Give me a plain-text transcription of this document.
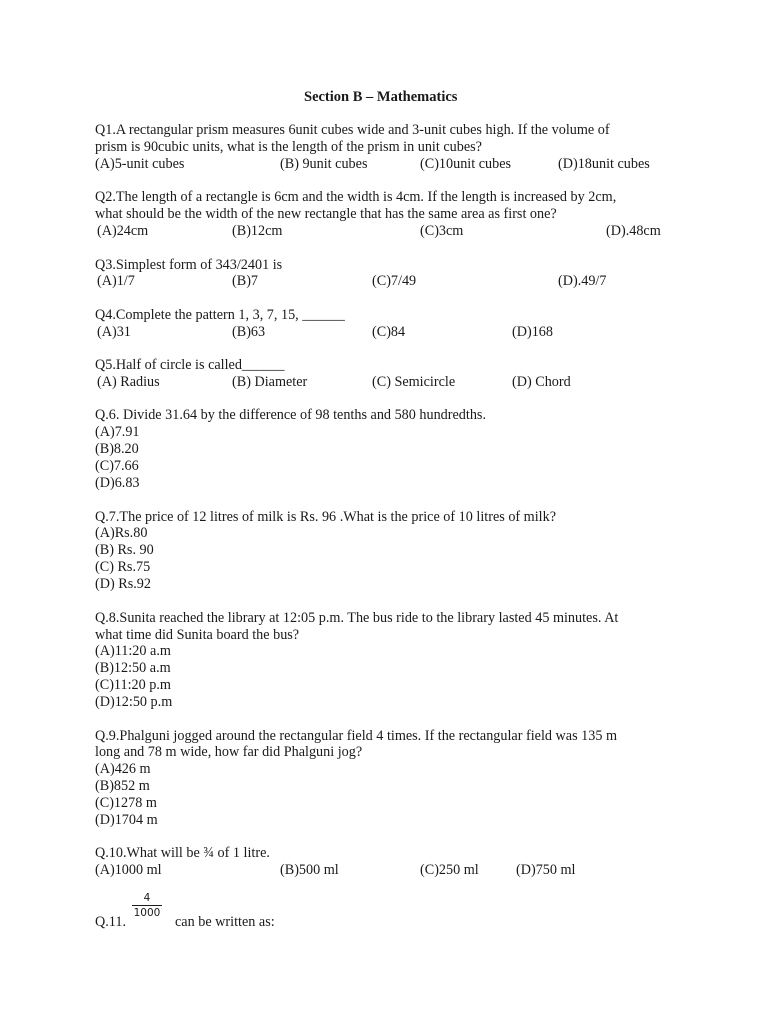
Section B – Mathematics
Q1.A rectangular prism measures 6unit cubes wide and 3-unit cubes high. If the volume of
prism is 90cubic units, what is the length of the prism in unit cubes?
(A)5-unit cubes	(B) 9unit cubes	(C)10unit cubes	(D)18unit cubes
Q2.The length of a rectangle is 6cm and the width is 4cm. If the length is increased by 2cm,
what should be the width of the new rectangle that has the same area as first one?
(A)24cm	(B)12cm	(C)3cm	(D).48cm
Q3.Simplest form of 343/2401 is
(A)1/7	(B)7	(C)7/49	(D).49/7
Q4.Complete the pattern 1, 3, 7, 15, ______
(A)31	(B)63	(C)84	(D)168
Q5.Half of circle is called______
(A) Radius	(B) Diameter	(C) Semicircle	(D) Chord
Q.6. Divide 31.64 by the difference of 98 tenths and 580 hundredths.
(A)7.91
(B)8.20
(C)7.66
(D)6.83
Q.7.The price of 12 litres of milk is Rs. 96 .What is the price of 10 litres of milk?
(A)Rs.80
(B) Rs. 90
(C) Rs.75
(D) Rs.92
Q.8.Sunita reached the library at 12:05 p.m. The bus ride to the library lasted 45 minutes. At
what time did Sunita board the bus?
(A)11:20 a.m
(B)12:50 a.m
(C)11:20 p.m
(D)12:50 p.m
Q.9.Phalguni jogged around the rectangular field 4 times. If the rectangular field was 135 m
long and 78 m wide, how far did Phalguni jog?
(A)426 m
(B)852 m
(C)1278 m
(D)1704 m
Q.10.What will be ¾ of 1 litre.
(A)1000 ml	(B)500 ml	(C)250 ml	(D)750 ml
Q.11.
4
1000
can be written as:
